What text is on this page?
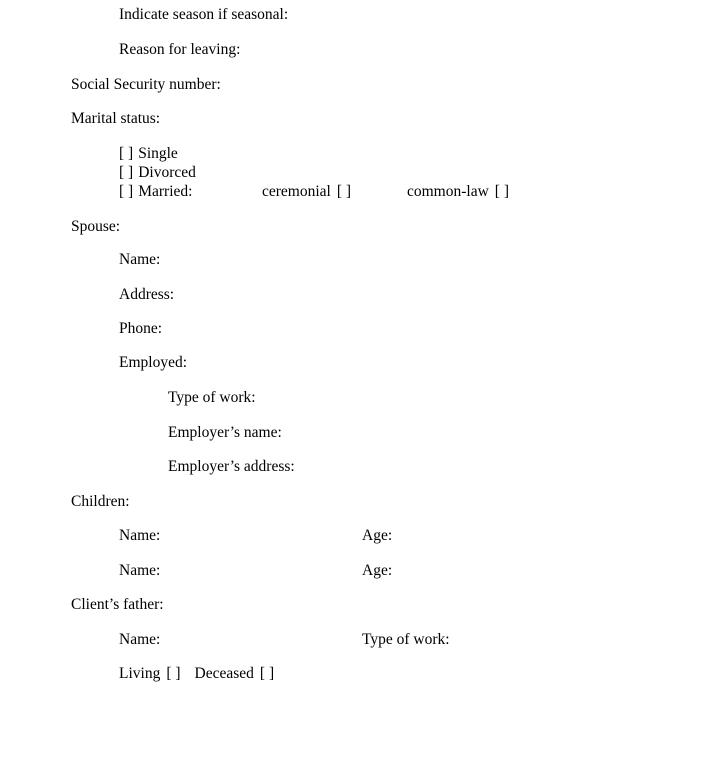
Indicate season if seasonal:
Reason for leaving:
Social Security number:
Marital status:
[ ] Single
[ ] Divorced
[ ] Married:	ceremonial [ ]	common-law [ ]
Spouse:
Name:
Address:
Phone:
Employed:
Type of work:
Employer’s name:
Employer’s address:
Children:
Name:	Age:
Name:	Age:
Client’s father:
Name:	Type of work:
Living [ ] Deceased [ ]
